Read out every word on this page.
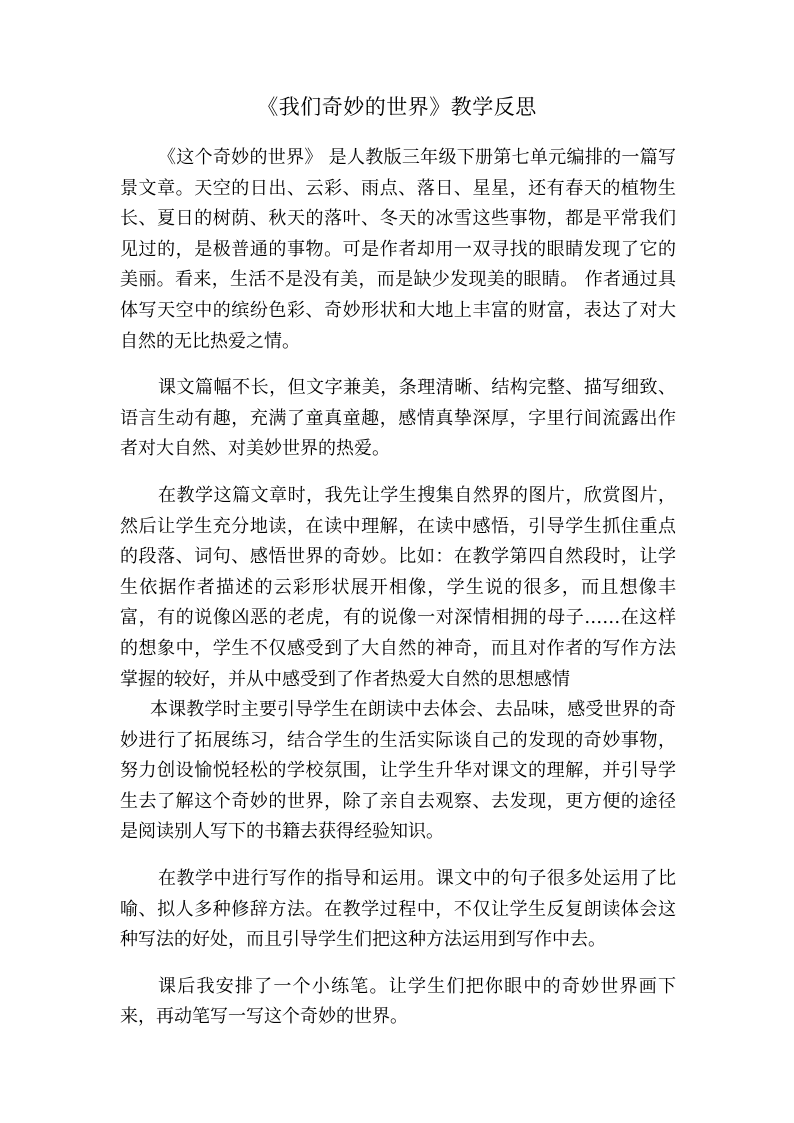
《我们奇妙的世界》教学反思

《这个奇妙的世界》 是人教版三年级下册第七单元编排的一篇写景文章。天空的日出、云彩、雨点、落日、星星，还有春天的植物生长、夏日的树荫、秋天的落叶、冬天的冰雪这些事物，都是平常我们见过的，是极普通的事物。可是作者却用一双寻找的眼睛发现了它的美丽。看来，生活不是没有美，而是缺少发现美的眼睛。 作者通过具体写天空中的缤纷色彩、奇妙形状和大地上丰富的财富，表达了对大自然的无比热爱之情。

课文篇幅不长，但文字兼美，条理清晰、结构完整、描写细致、语言生动有趣，充满了童真童趣，感情真挚深厚，字里行间流露出作者对大自然、对美妙世界的热爱。

在教学这篇文章时，我先让学生搜集自然界的图片，欣赏图片，然后让学生充分地读，在读中理解，在读中感悟，引导学生抓住重点的段落、词句、感悟世界的奇妙。比如：在教学第四自然段时，让学生依据作者描述的云彩形状展开相像，学生说的很多，而且想像丰富，有的说像凶恶的老虎，有的说像一对深情相拥的母子……在这样的想象中，学生不仅感受到了大自然的神奇，而且对作者的写作方法掌握的较好，并从中感受到了作者热爱大自然的思想感情

本课教学时主要引导学生在朗读中去体会、去品味，感受世界的奇妙进行了拓展练习，结合学生的生活实际谈自己的发现的奇妙事物，努力创设愉悦轻松的学校氛围，让学生升华对课文的理解，并引导学生去了解这个奇妙的世界，除了亲自去观察、去发现，更方便的途径是阅读别人写下的书籍去获得经验知识。

在教学中进行写作的指导和运用。课文中的句子很多处运用了比喻、拟人多种修辞方法。在教学过程中，不仅让学生反复朗读体会这种写法的好处，而且引导学生们把这种方法运用到写作中去。

课后我安排了一个小练笔。让学生们把你眼中的奇妙世界画下来，再动笔写一写这个奇妙的世界。
